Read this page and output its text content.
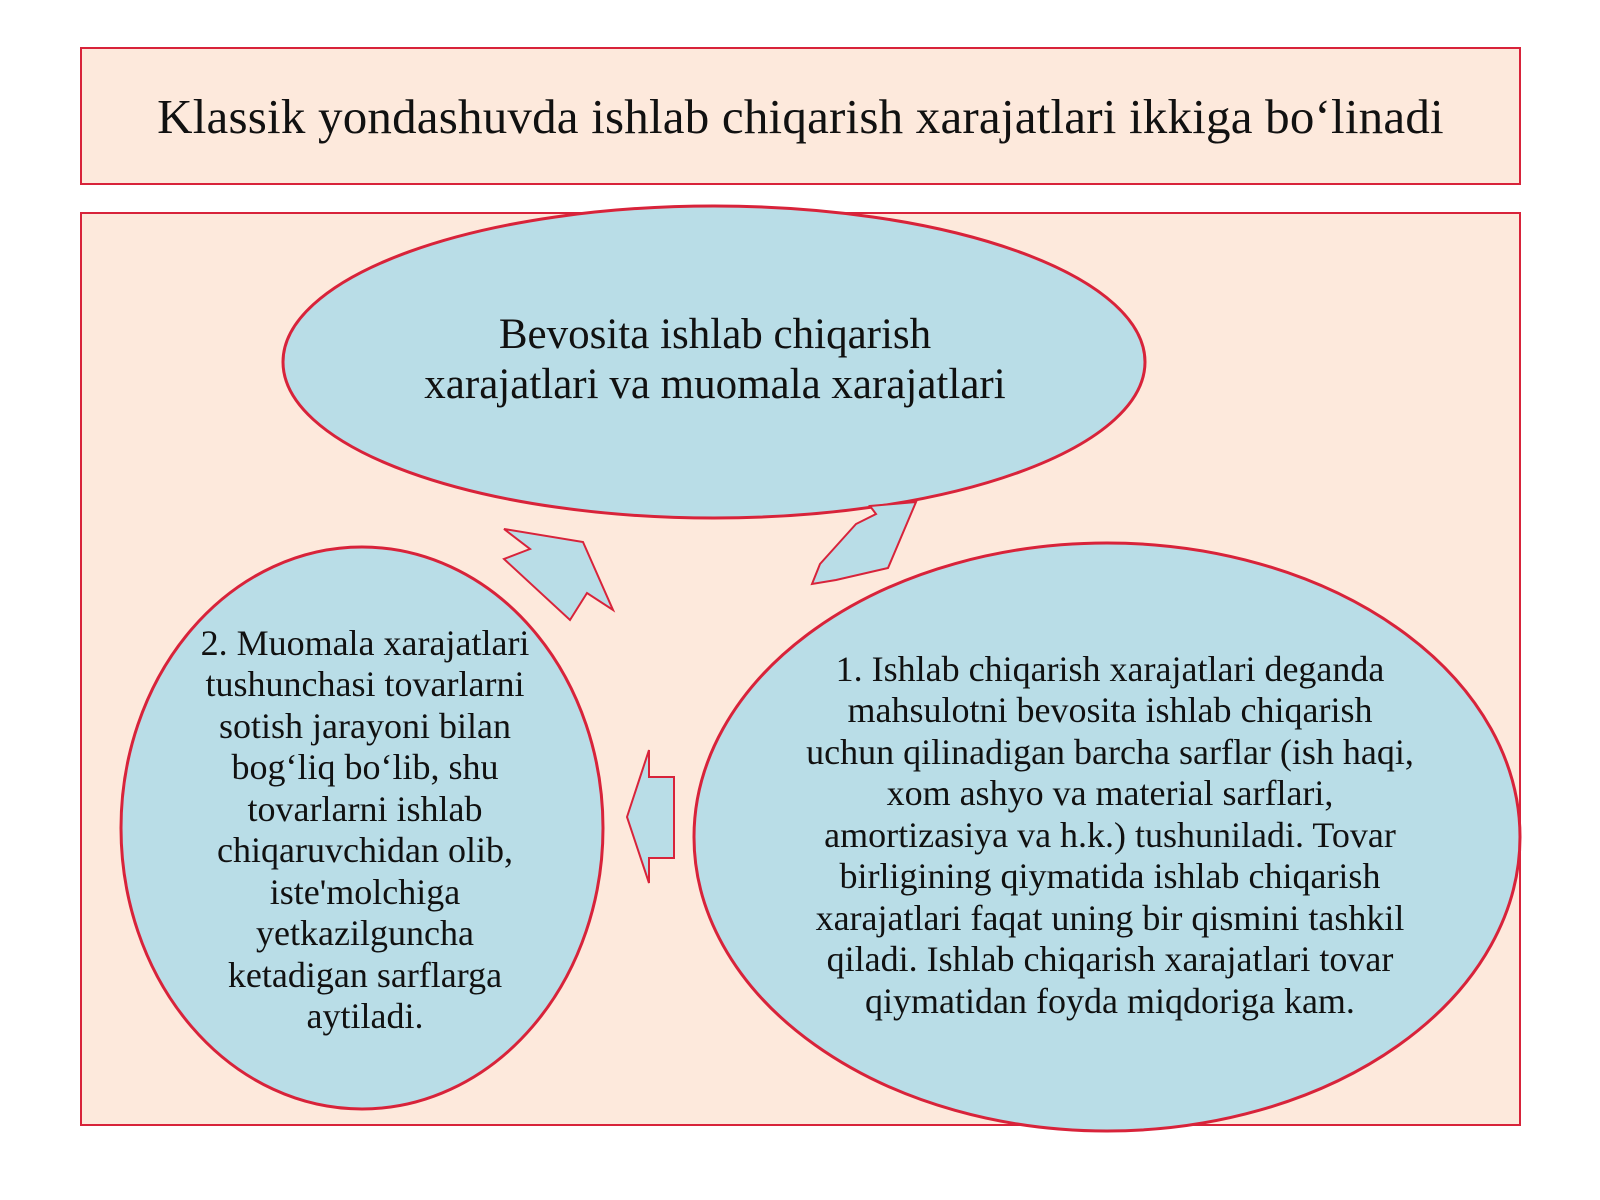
Klassik yondashuvda ishlab chiqarish xarajatlari ikkiga bo‘linadi
Bevosita ishlab chiqarish xarajatlari va muomala xarajatlari
2. Muomala xarajatlari tushunchasi tovarlarni sotish jarayoni bilan bog‘liq bo‘lib, shu tovarlarni ishlab chiqaruvchidan olib, iste'molchiga yetkazilguncha ketadigan sarflarga aytiladi.
1. Ishlab chiqarish xarajatlari deganda mahsulotni bevosita ishlab chiqarish uchun qilinadigan barcha sarflar (ish haqi, xom ashyo va material sarflari, amortizasiya va h.k.) tushuniladi. Tovar birligining qiymatida ishlab chiqarish xarajatlari faqat uning bir qismini tashkil qiladi. Ishlab chiqarish xarajatlari tovar qiymatidan foyda miqdoriga kam.
